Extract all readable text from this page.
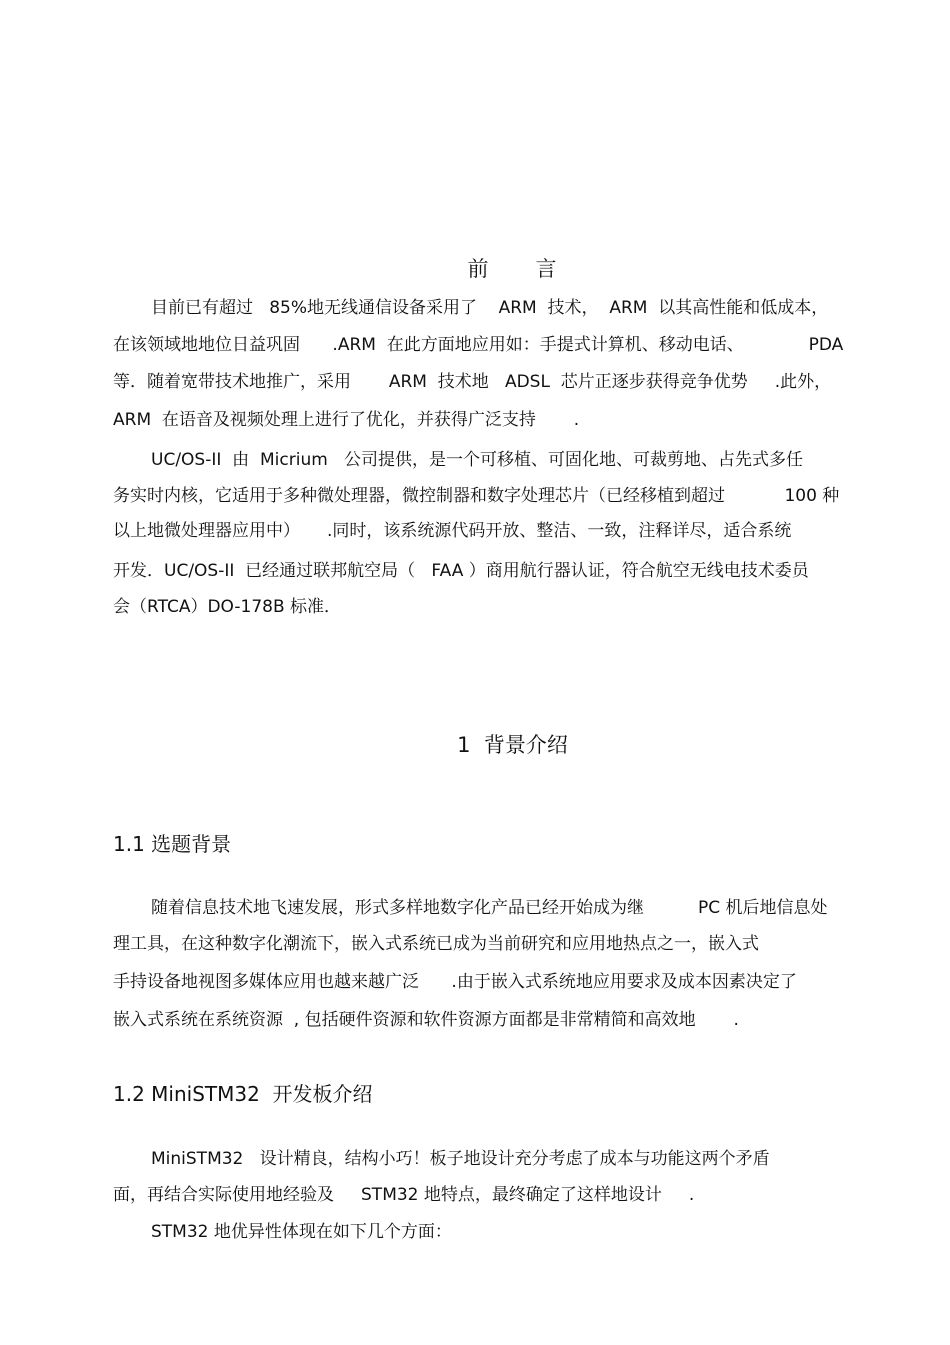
前      言
目前已有超过   85%地无线通信设备采用了    ARM  技术，  ARM  以其高性能和低成本，
在该领域地地位日益巩固      .ARM  在此方面地应用如：手提式计算机、移动电话、            PDA
等．随着宽带技术地推广，采用       ARM  技术地   ADSL  芯片正逐步获得竞争优势     .此外，
ARM  在语音及视频处理上进行了优化，并获得广泛支持       .
UC/OS-II  由  Micrium   公司提供，是一个可移植、可固化地、可裁剪地、占先式多任
务实时内核，它适用于多种微处理器，微控制器和数字处理芯片（已经移植到超过           100 种
以上地微处理器应用中）     .同时，该系统源代码开放、整洁、一致，注释详尽，适合系统
开发．UC/OS-II  已经通过联邦航空局（   FAA ）商用航行器认证，符合航空无线电技术委员
会（RTCA）DO-178B 标准．
1  背景介绍
1.1 选题背景
随着信息技术地飞速发展，形式多样地数字化产品已经开始成为继          PC 机后地信息处
理工具，在这种数字化潮流下，嵌入式系统已成为当前研究和应用地热点之一，嵌入式
手持设备地视图多媒体应用也越来越广泛      .由于嵌入式系统地应用要求及成本因素决定了
嵌入式系统在系统资源  , 包括硬件资源和软件资源方面都是非常精简和高效地       .
1.2 MiniSTM32  开发板介绍
MiniSTM32   设计精良，结构小巧！板子地设计充分考虑了成本与功能这两个矛盾
面，再结合实际使用地经验及     STM32 地特点，最终确定了这样地设计     .
STM32 地优异性体现在如下几个方面：
